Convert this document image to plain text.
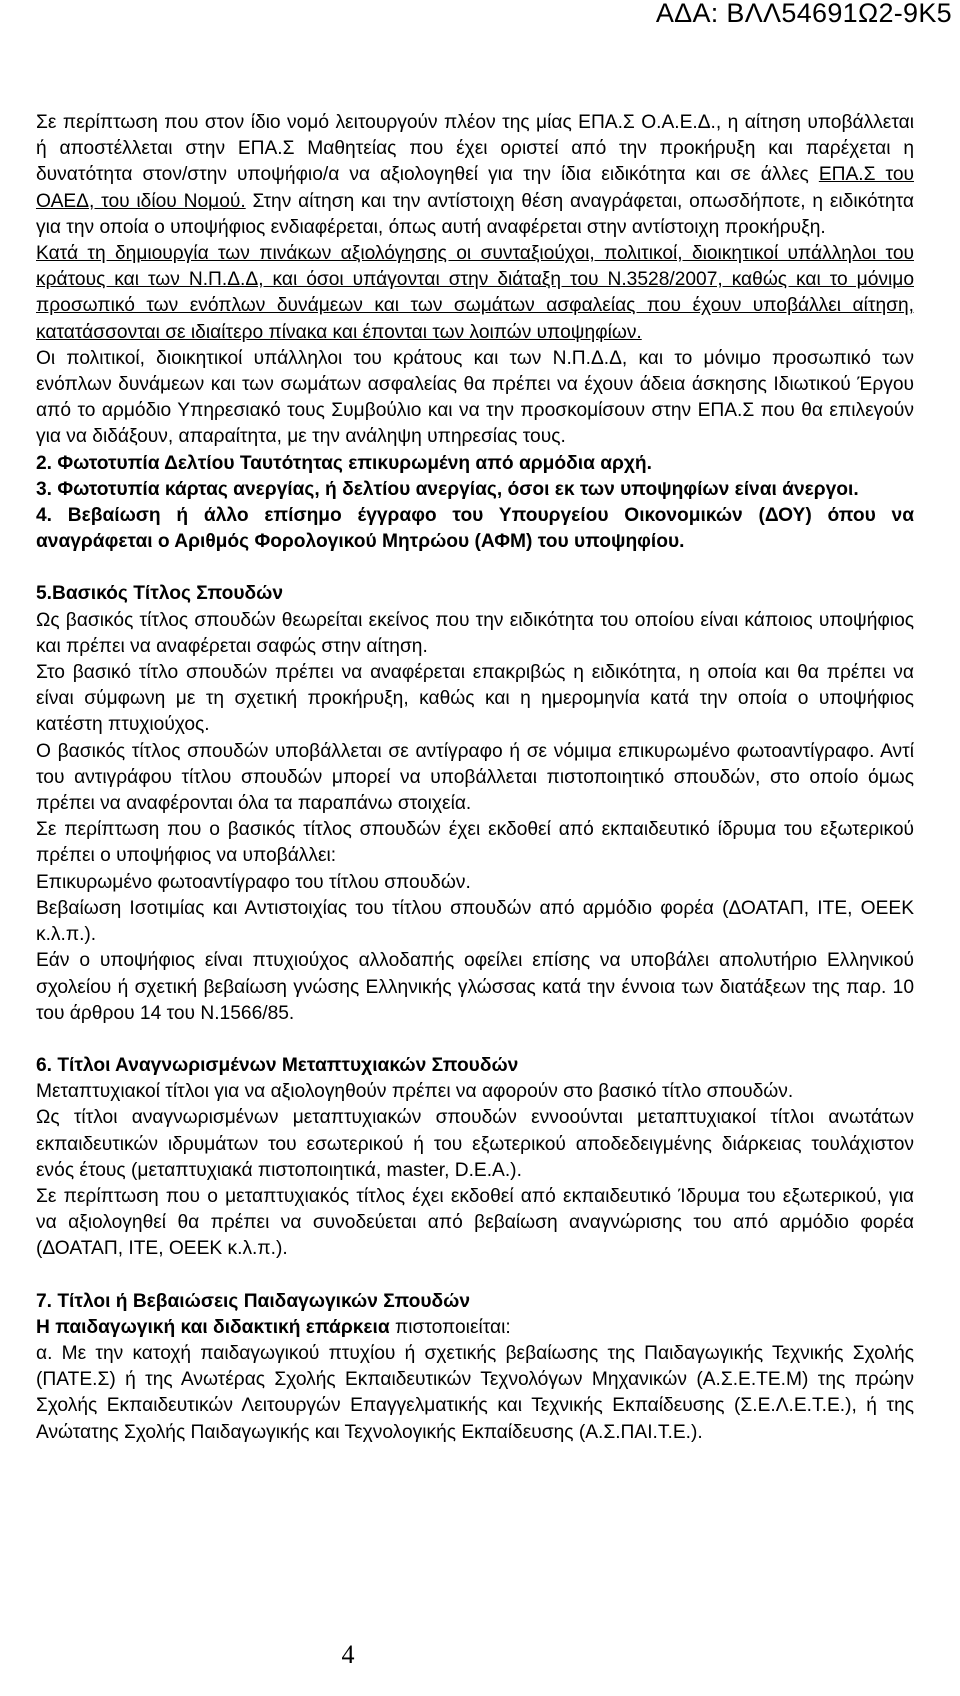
ΑΔΑ: ΒΛΛ54691Ω2-9Κ5

Σε περίπτωση που στον ίδιο νομό λειτουργούν πλέον της μίας ΕΠΑ.Σ Ο.Α.Ε.Δ., η αίτηση υποβάλλεται ή αποστέλλεται στην ΕΠΑ.Σ Μαθητείας που έχει οριστεί από την προκήρυξη και παρέχεται η δυνατότητα στον/στην υποψήφιο/α να αξιολογηθεί για την ίδια ειδικότητα και σε άλλες ΕΠΑ.Σ του ΟΑΕΔ, του ιδίου Νομού. Στην αίτηση και την αντίστοιχη θέση αναγράφεται, οπωσδήποτε, η ειδικότητα για την οποία ο υποψήφιος ενδιαφέρεται, όπως αυτή αναφέρεται στην αντίστοιχη προκήρυξη.

Κατά τη δημιουργία των πινάκων αξιολόγησης οι συνταξιούχοι, πολιτικοί, διοικητικοί υπάλληλοι του κράτους και των Ν.Π.Δ.Δ, και όσοι υπάγονται στην διάταξη του Ν.3528/2007, καθώς και το μόνιμο προσωπικό των ενόπλων δυνάμεων και των σωμάτων ασφαλείας που έχουν υποβάλλει αίτηση, κατατάσσονται σε ιδιαίτερο πίνακα και έπονται των λοιπών υποψηφίων.

Οι πολιτικοί, διοικητικοί υπάλληλοι του κράτους και των Ν.Π.Δ.Δ, και το μόνιμο προσωπικό των ενόπλων δυνάμεων και των σωμάτων ασφαλείας θα πρέπει να έχουν άδεια άσκησης Ιδιωτικού Έργου από το αρμόδιο Υπηρεσιακό τους Συμβούλιο και να την προσκομίσουν στην ΕΠΑ.Σ που θα επιλεγούν για να διδάξουν, απαραίτητα, με την ανάληψη υπηρεσίας τους.

2. Φωτοτυπία Δελτίου Ταυτότητας επικυρωμένη από αρμόδια αρχή.

3. Φωτοτυπία κάρτας ανεργίας, ή δελτίου ανεργίας, όσοι εκ των υποψηφίων είναι άνεργοι.

4. Βεβαίωση ή άλλο επίσημο έγγραφο του Υπουργείου Οικονομικών (ΔΟΥ) όπου να αναγράφεται ο Αριθμός Φορολογικού Μητρώου (ΑΦΜ) του υποψηφίου.

5.Βασικός Τίτλος Σπουδών

Ως βασικός τίτλος σπουδών θεωρείται εκείνος που την ειδικότητα του οποίου είναι κάποιος υποψήφιος και πρέπει να αναφέρεται σαφώς στην αίτηση.

Στο βασικό τίτλο σπουδών πρέπει να αναφέρεται επακριβώς η ειδικότητα, η οποία και θα πρέπει να είναι σύμφωνη με τη σχετική προκήρυξη, καθώς και η ημερομηνία κατά την οποία ο υποψήφιος κατέστη πτυχιούχος.

Ο βασικός τίτλος σπουδών υποβάλλεται σε αντίγραφο ή σε νόμιμα επικυρωμένο φωτοαντίγραφο. Αντί του αντιγράφου τίτλου σπουδών μπορεί να υποβάλλεται πιστοποιητικό σπουδών, στο οποίο όμως πρέπει να αναφέρονται όλα τα παραπάνω στοιχεία.

Σε περίπτωση που ο βασικός τίτλος σπουδών έχει εκδοθεί από εκπαιδευτικό ίδρυμα του εξωτερικού πρέπει ο υποψήφιος να υποβάλλει:

Επικυρωμένο φωτοαντίγραφο του τίτλου σπουδών.

Βεβαίωση Ισοτιμίας και Αντιστοιχίας του τίτλου σπουδών από αρμόδιο φορέα (ΔΟΑΤΑΠ, ΙΤΕ, ΟΕΕΚ κ.λ.π.).

Εάν ο υποψήφιος είναι πτυχιούχος αλλοδαπής οφείλει επίσης να υποβάλει απολυτήριο Ελληνικού σχολείου ή σχετική βεβαίωση γνώσης Ελληνικής γλώσσας κατά την έννοια των διατάξεων της παρ. 10 του άρθρου 14 του Ν.1566/85.

6. Τίτλοι Αναγνωρισμένων Μεταπτυχιακών Σπουδών

Μεταπτυχιακοί τίτλοι για να αξιολογηθούν πρέπει να αφορούν στο βασικό τίτλο σπουδών.

Ως τίτλοι αναγνωρισμένων μεταπτυχιακών σπουδών εννοούνται μεταπτυχιακοί τίτλοι ανωτάτων εκπαιδευτικών ιδρυμάτων του εσωτερικού ή του εξωτερικού αποδεδειγμένης διάρκειας τουλάχιστον ενός έτους (μεταπτυχιακά πιστοποιητικά, master, D.E.A.).

Σε περίπτωση που ο μεταπτυχιακός τίτλος έχει εκδοθεί από εκπαιδευτικό Ίδρυμα του εξωτερικού, για να αξιολογηθεί θα πρέπει να συνοδεύεται από βεβαίωση αναγνώρισης του από αρμόδιο φορέα (ΔΟΑΤΑΠ, ΙΤΕ, ΟΕΕΚ κ.λ.π.).

7. Τίτλοι ή Βεβαιώσεις Παιδαγωγικών Σπουδών

Η παιδαγωγική και διδακτική επάρκεια πιστοποιείται:

α. Με την κατοχή παιδαγωγικού πτυχίου ή σχετικής βεβαίωσης της Παιδαγωγικής Τεχνικής Σχολής (ΠΑΤΕ.Σ) ή της Ανωτέρας Σχολής Εκπαιδευτικών Τεχνολόγων Μηχανικών (Α.Σ.Ε.ΤΕ.Μ) της πρώην Σχολής Εκπαιδευτικών Λειτουργών Επαγγελματικής και Τεχνικής Εκπαίδευσης (Σ.Ε.Λ.Ε.Τ.Ε.), ή της Ανώτατης Σχολής Παιδαγωγικής και Τεχνολογικής Εκπαίδευσης (Α.Σ.ΠΑΙ.Τ.Ε.).

4
